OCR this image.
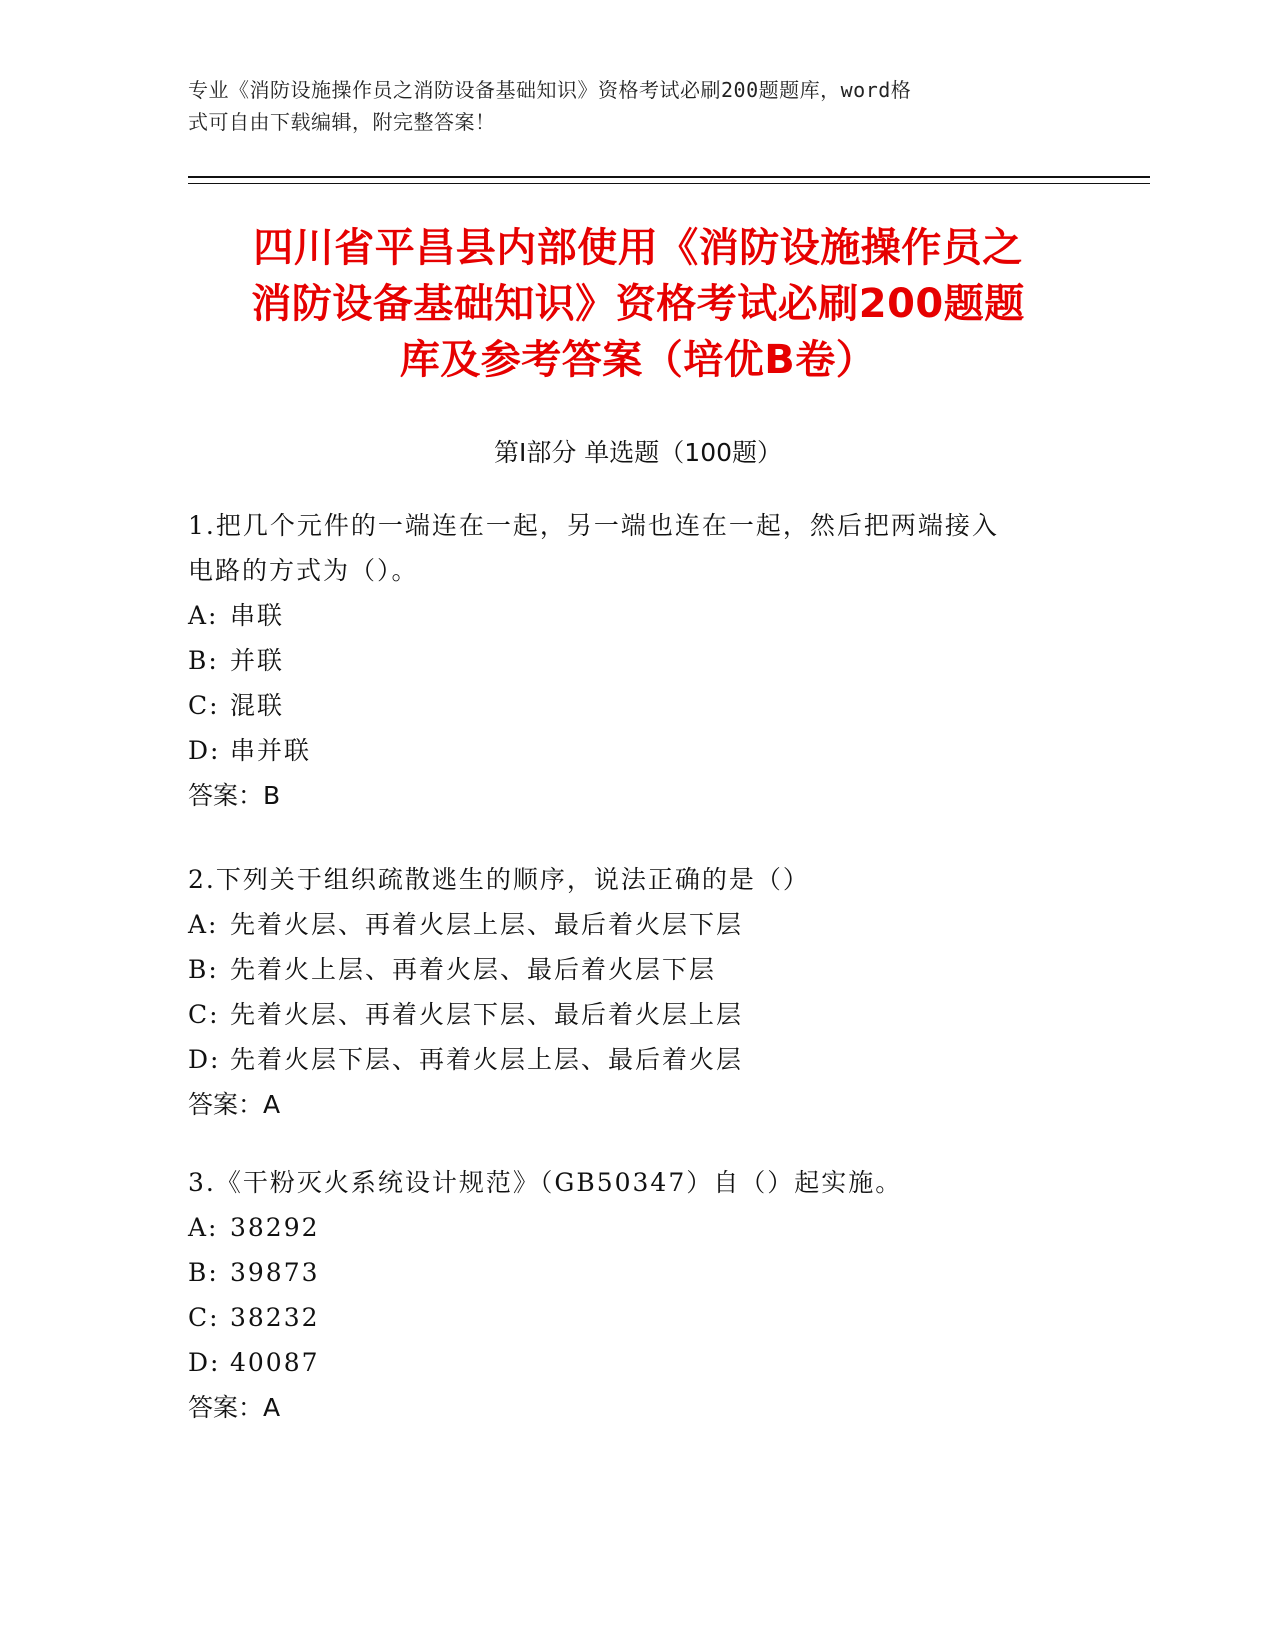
专业《消防设施操作员之消防设备基础知识》资格考试必刷200题题库，word格
式可自由下载编辑，附完整答案！
四川省平昌县内部使用《消防设施操作员之
消防设备基础知识》资格考试必刷200题题
库及参考答案（培优B卷）
第Ⅰ部分 单选题（100题）

1.把几个元件的一端连在一起，另一端也连在一起，然后把两端接入

电路的方式为（）。

A: 串联

B: 并联

C: 混联

D: 串并联

答案：B

2.下列关于组织疏散逃生的顺序，说法正确的是（）

A: 先着火层、再着火层上层、最后着火层下层

B: 先着火上层、再着火层、最后着火层下层

C: 先着火层、再着火层下层、最后着火层上层

D: 先着火层下层、再着火层上层、最后着火层

答案：A

3.《干粉灭火系统设计规范》（GB50347）自（）起实施。

A: 38292

B: 39873

C: 38232

D: 40087

答案：A
